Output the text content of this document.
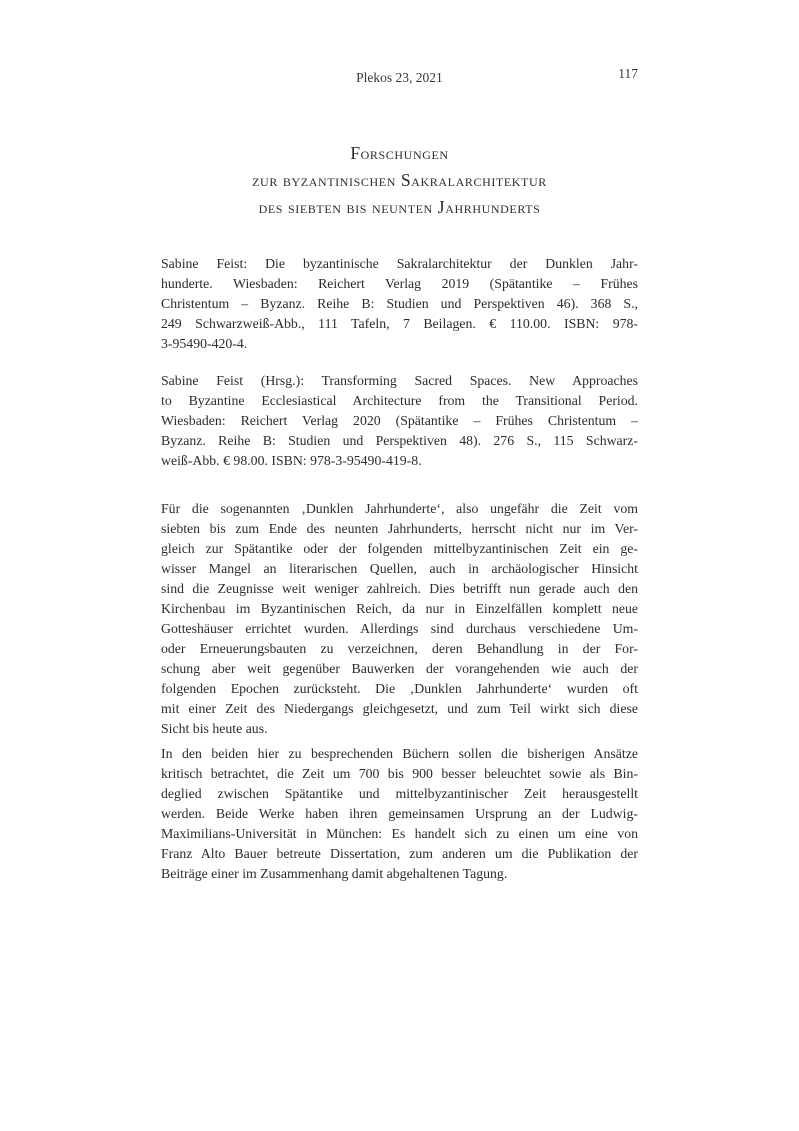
Plekos 23, 2021	117
Forschungen
zur byzantinischen Sakralarchitektur
des siebten bis neunten Jahrhunderts
Sabine Feist: Die byzantinische Sakralarchitektur der Dunklen Jahr-
hunderte. Wiesbaden: Reichert Verlag 2019 (Spätantike – Frühes
Christentum – Byzanz. Reihe B: Studien und Perspektiven 46). 368 S.,
249 Schwarzweiß-Abb., 111 Tafeln, 7 Beilagen. € 110.00. ISBN: 978-
3-95490-420-4.
Sabine Feist (Hrsg.): Transforming Sacred Spaces. New Approaches
to Byzantine Ecclesiastical Architecture from the Transitional Period.
Wiesbaden: Reichert Verlag 2020 (Spätantike – Frühes Christentum –
Byzanz. Reihe B: Studien und Perspektiven 48). 276 S., 115 Schwarz-
weiß-Abb. € 98.00. ISBN: 978-3-95490-419-8.
Für die sogenannten ‚Dunklen Jahrhunderte‘, also ungefähr die Zeit vom
siebten bis zum Ende des neunten Jahrhunderts, herrscht nicht nur im Ver-
gleich zur Spätantike oder der folgenden mittelbyzantinischen Zeit ein ge-
wisser Mangel an literarischen Quellen, auch in archäologischer Hinsicht
sind die Zeugnisse weit weniger zahlreich. Dies betrifft nun gerade auch den
Kirchenbau im Byzantinischen Reich, da nur in Einzelfällen komplett neue
Gotteshäuser errichtet wurden. Allerdings sind durchaus verschiedene Um-
oder Erneuerungsbauten zu verzeichnen, deren Behandlung in der For-
schung aber weit gegenüber Bauwerken der vorangehenden wie auch der
folgenden Epochen zurücksteht. Die ‚Dunklen Jahrhunderte‘ wurden oft
mit einer Zeit des Niedergangs gleichgesetzt, und zum Teil wirkt sich diese
Sicht bis heute aus.
In den beiden hier zu besprechenden Büchern sollen die bisherigen Ansätze
kritisch betrachtet, die Zeit um 700 bis 900 besser beleuchtet sowie als Bin-
deglied zwischen Spätantike und mittelbyzantinischer Zeit herausgestellt
werden. Beide Werke haben ihren gemeinsamen Ursprung an der Ludwig-
Maximilians-Universität in München: Es handelt sich zu einen um eine von
Franz Alto Bauer betreute Dissertation, zum anderen um die Publikation der
Beiträge einer im Zusammenhang damit abgehaltenen Tagung.
